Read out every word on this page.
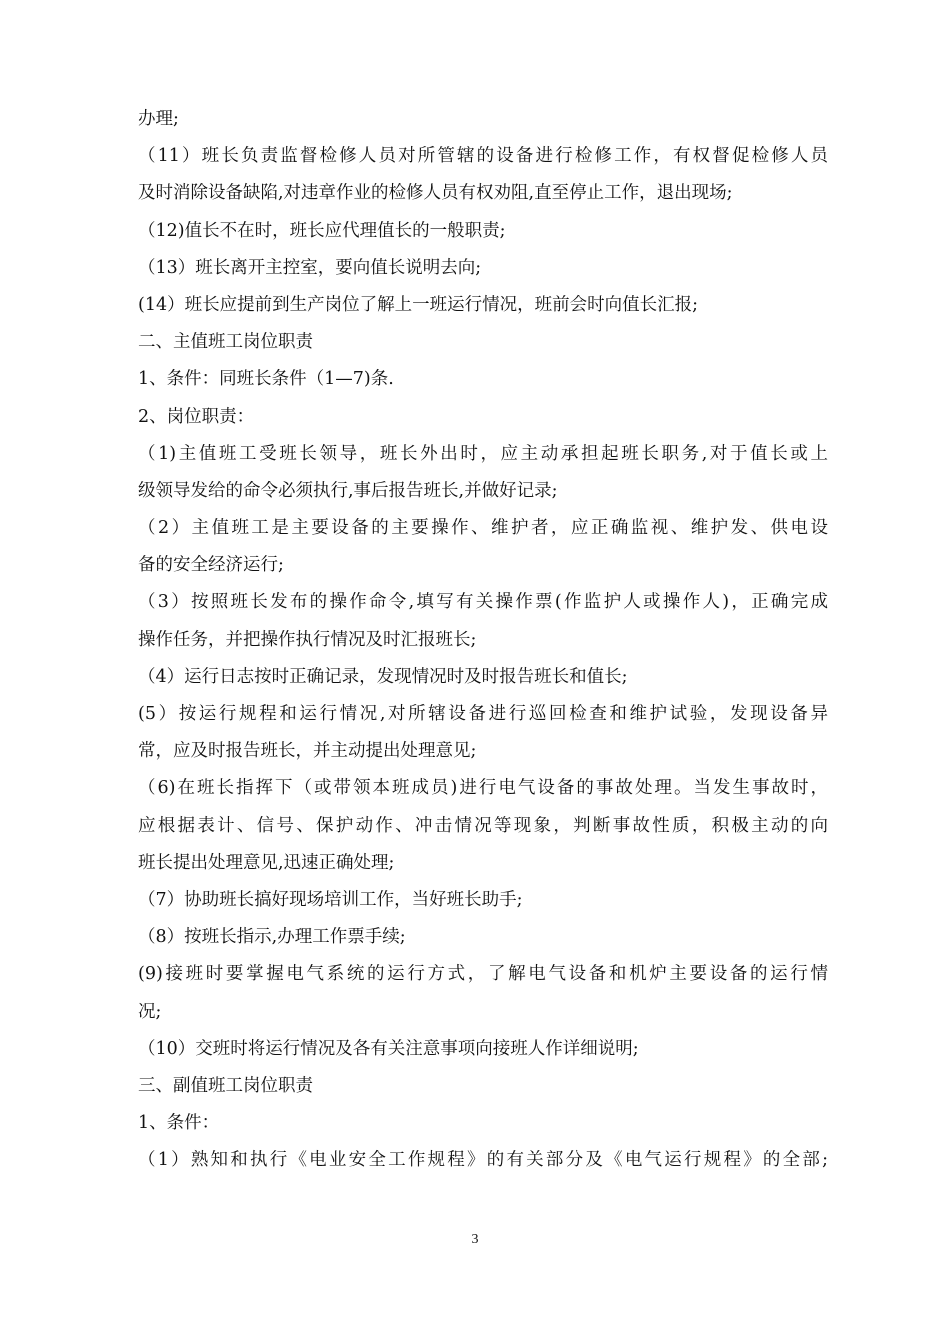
办理;
（11）班长负责监督检修人员对所管辖的设备进行检修工作，有权督促检修人员
及时消除设备缺陷,对违章作业的检修人员有权劝阻,直至停止工作，退出现场;
（12)值长不在时，班长应代理值长的一般职责;
（13）班长离开主控室，要向值长说明去向;
(14）班长应提前到生产岗位了解上一班运行情况，班前会时向值长汇报;
二、主值班工岗位职责
1、条件：同班长条件（1—7)条.
2、岗位职责：
（1)主值班工受班长领导，班长外出时，应主动承担起班长职务,对于值长或上
级领导发给的命令必须执行,事后报告班长,并做好记录;
（2）主值班工是主要设备的主要操作、维护者，应正确监视、维护发、供电设
备的安全经济运行;
（3）按照班长发布的操作命令,填写有关操作票(作监护人或操作人)，正确完成
操作任务，并把操作执行情况及时汇报班长;
（4）运行日志按时正确记录，发现情况时及时报告班长和值长;
(5）按运行规程和运行情况,对所辖设备进行巡回检查和维护试验，发现设备异
常，应及时报告班长，并主动提出处理意见;
（6)在班长指挥下（或带领本班成员)进行电气设备的事故处理。当发生事故时，
应根据表计、信号、保护动作、冲击情况等现象，判断事故性质，积极主动的向
班长提出处理意见,迅速正确处理;
（7）协助班长搞好现场培训工作，当好班长助手;
（8）按班长指示,办理工作票手续;
(9)接班时要掌握电气系统的运行方式，了解电气设备和机炉主要设备的运行情
况;
（10）交班时将运行情况及各有关注意事项向接班人作详细说明;
三、副值班工岗位职责
1、条件：
（1）熟知和执行《电业安全工作规程》的有关部分及《电气运行规程》的全部;
3
